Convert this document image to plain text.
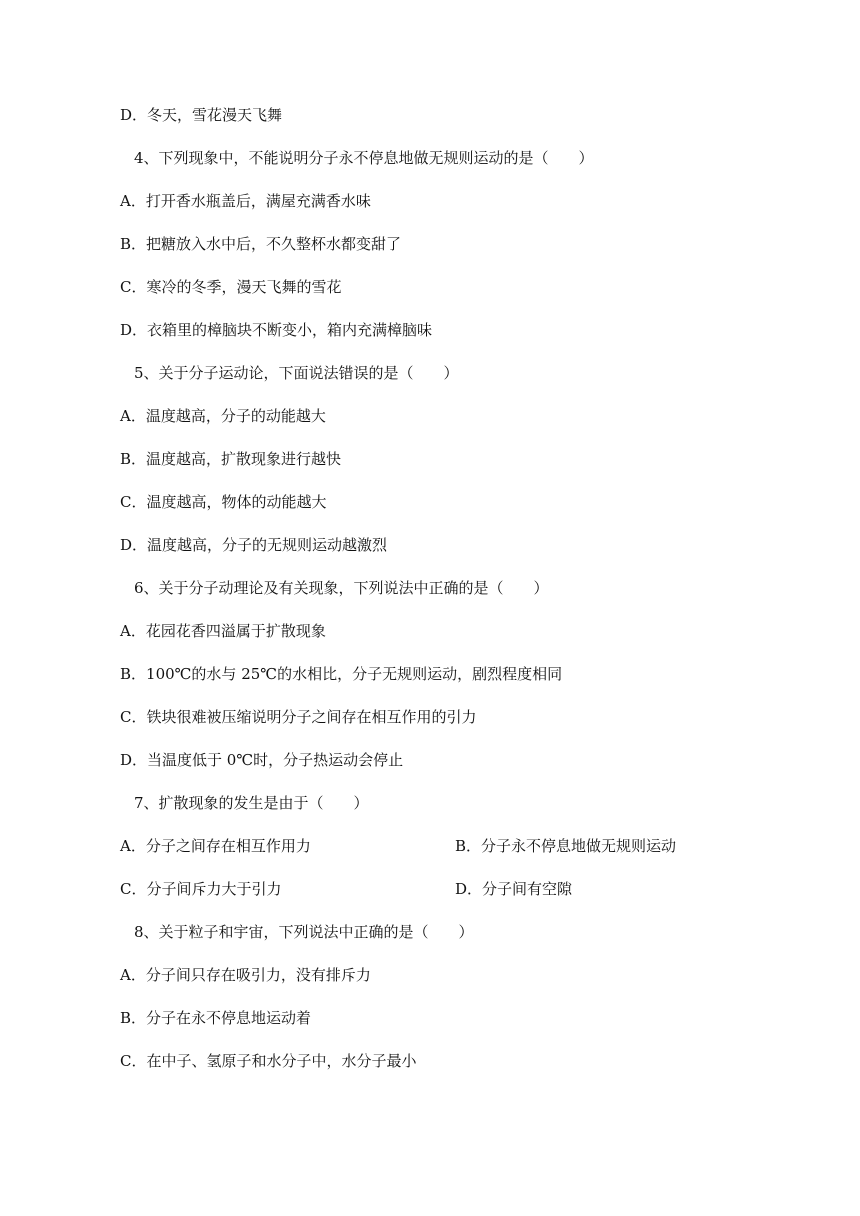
D．冬天，雪花漫天飞舞
4、下列现象中，不能说明分子永不停息地做无规则运动的是（　　）
A．打开香水瓶盖后，满屋充满香水味
B．把糖放入水中后，不久整杯水都变甜了
C．寒冷的冬季，漫天飞舞的雪花
D．衣箱里的樟脑块不断变小，箱内充满樟脑味
5、关于分子运动论，下面说法错误的是（　　）
A．温度越高，分子的动能越大
B．温度越高，扩散现象进行越快
C．温度越高，物体的动能越大
D．温度越高，分子的无规则运动越激烈
6、关于分子动理论及有关现象，下列说法中正确的是（　　）
A．花园花香四溢属于扩散现象
B．100℃的水与 25℃的水相比，分子无规则运动，剧烈程度相同
C．铁块很难被压缩说明分子之间存在相互作用的引力
D．当温度低于 0℃时，分子热运动会停止
7、扩散现象的发生是由于（　　）
A．分子之间存在相互作用力	B．分子永不停息地做无规则运动
C．分子间斥力大于引力	D．分子间有空隙
8、关于粒子和宇宙，下列说法中正确的是（　　）
A．分子间只存在吸引力，没有排斥力
B．分子在永不停息地运动着
C．在中子、氢原子和水分子中，水分子最小
